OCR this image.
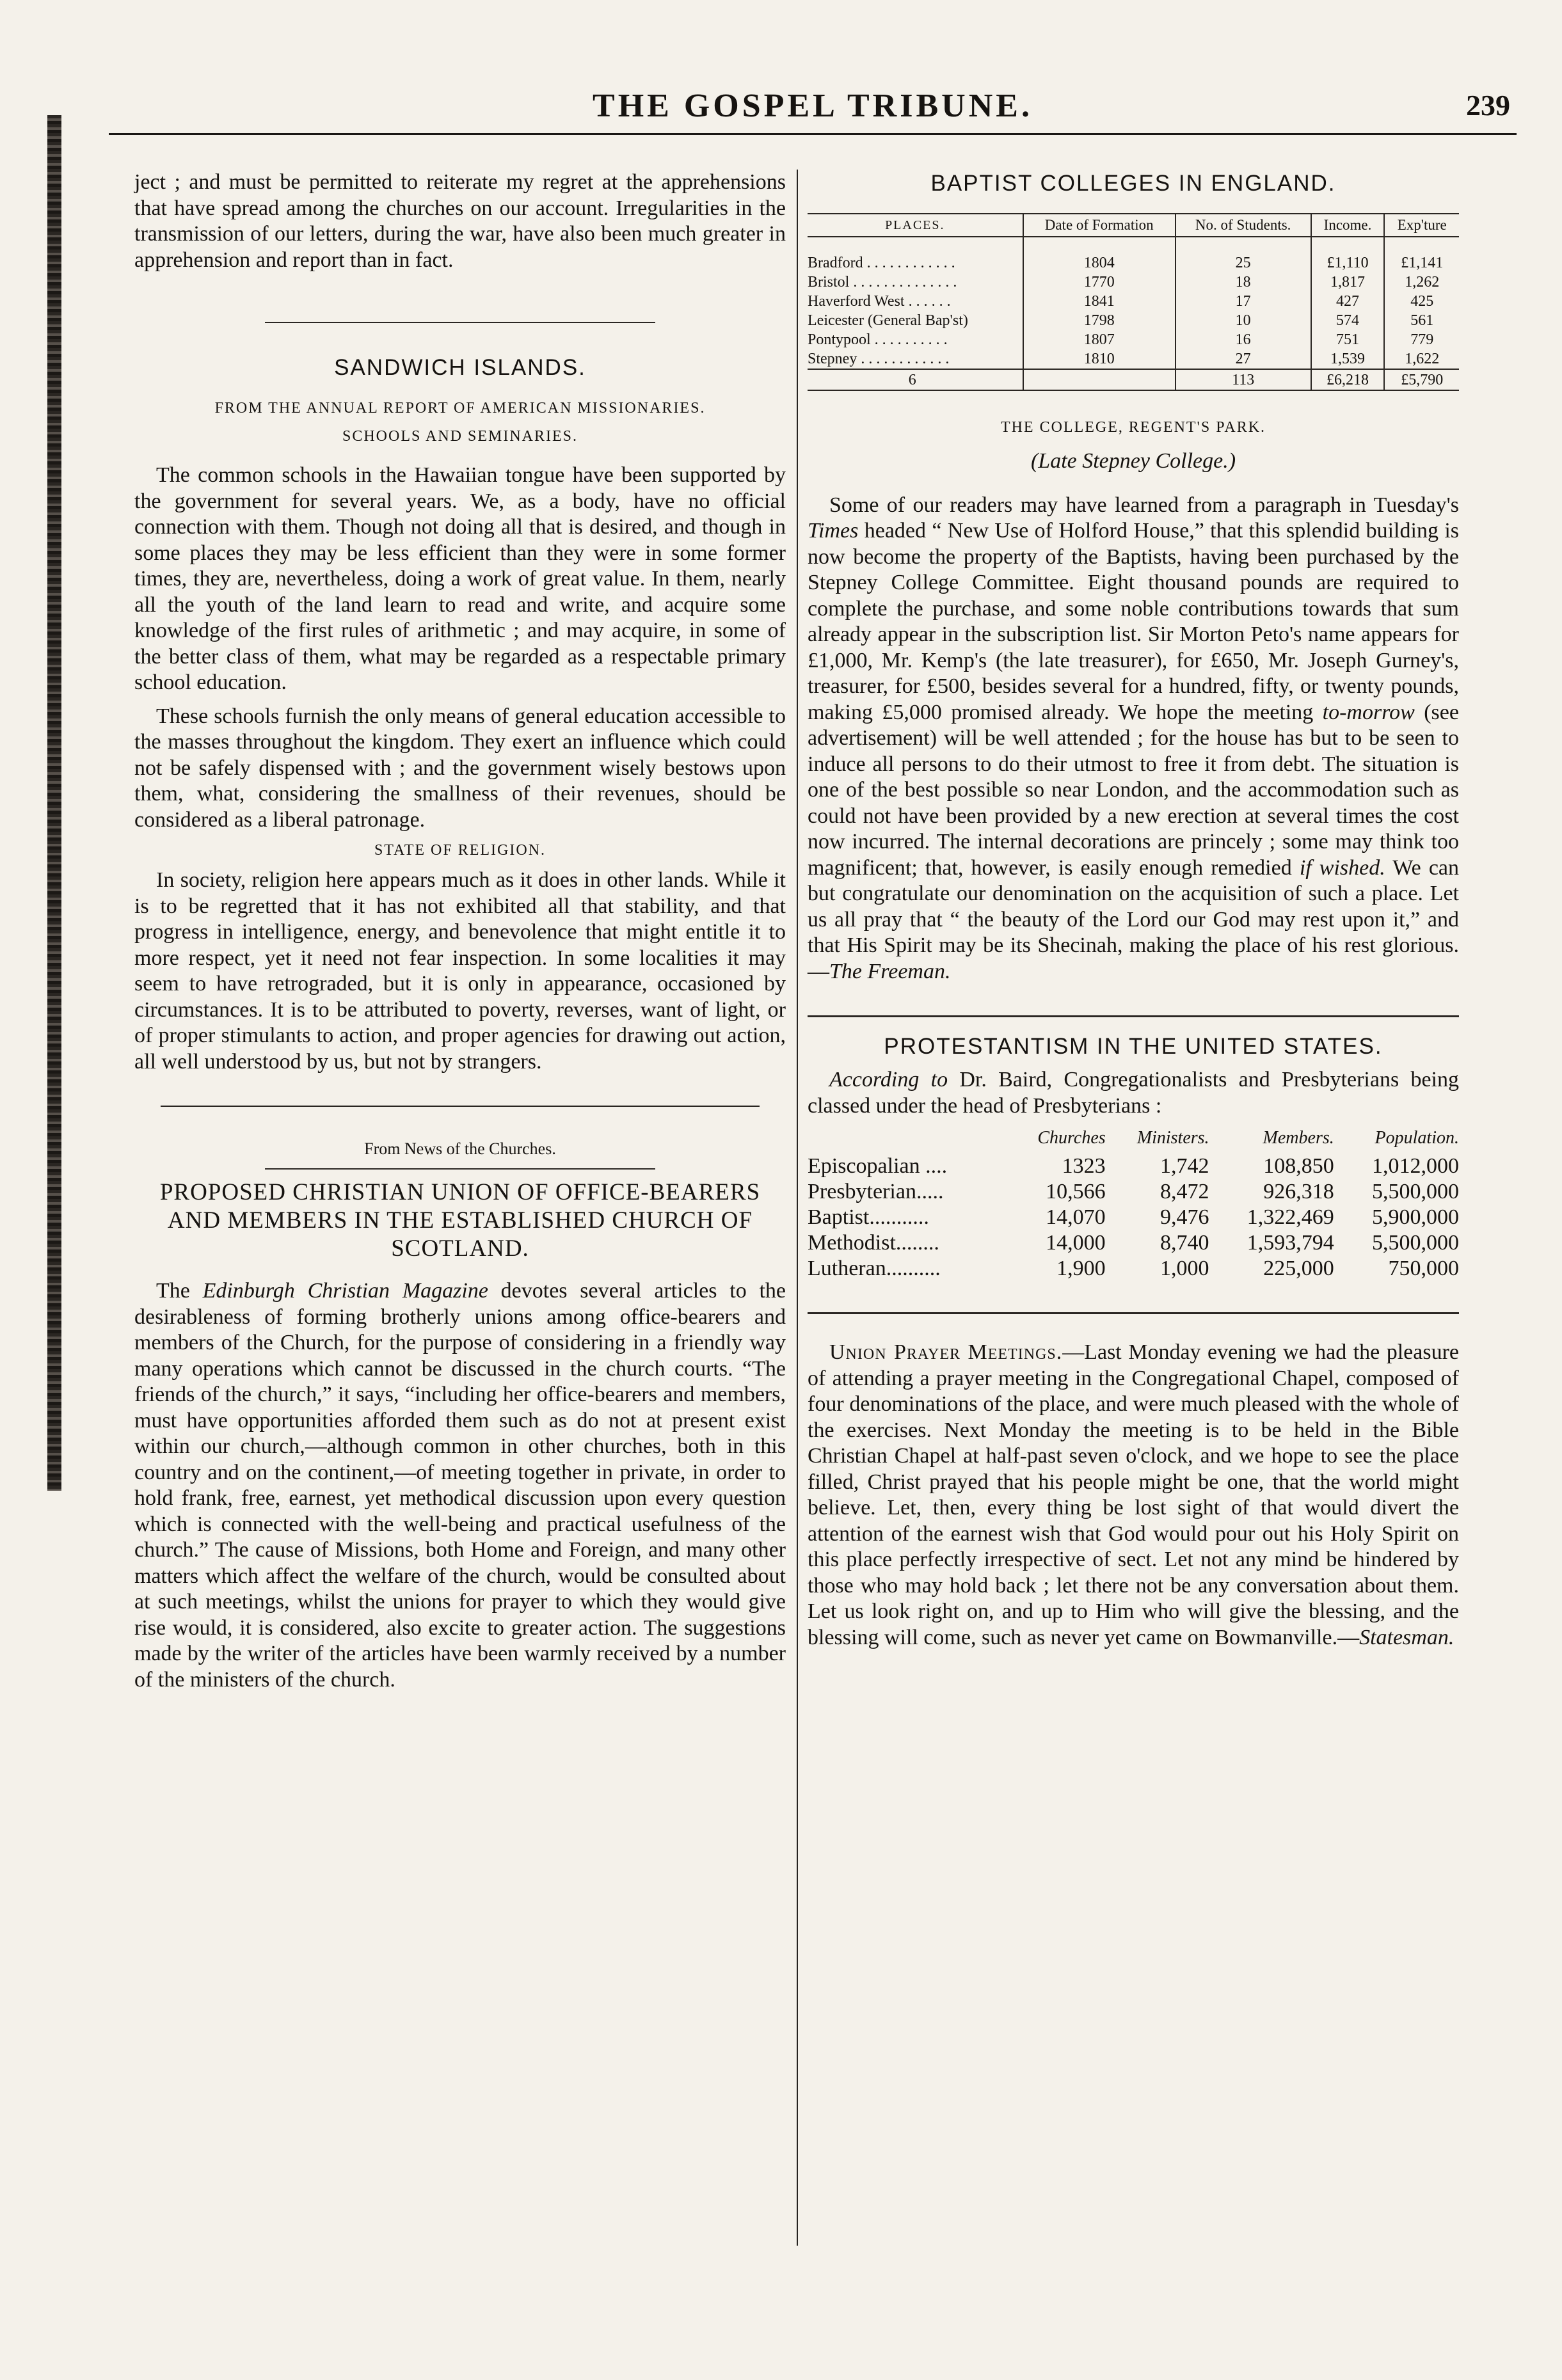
THE GOSPEL TRIBUNE.	239

ject ; and must be permitted to reiterate my regret at the apprehensions that have spread among the churches on our account. Irregularities in the transmission of our letters, during the war, have also been much greater in apprehension and report than in fact.

SANDWICH ISLANDS.
FROM THE ANNUAL REPORT OF AMERICAN MISSIONARIES.
SCHOOLS AND SEMINARIES.

The common schools in the Hawaiian tongue have been supported by the government for several years. We, as a body, have no official connection with them. Though not doing all that is desired, and though in some places they may be less efficient than they were in some former times, they are, nevertheless, doing a work of great value. In them, nearly all the youth of the land learn to read and write, and acquire some knowledge of the first rules of arithmetic ; and may acquire, in some of the better class of them, what may be regarded as a respectable primary school education.

These schools furnish the only means of general education accessible to the masses throughout the kingdom. They exert an influence which could not be safely dispensed with ; and the government wisely bestows upon them, what, considering the smallness of their revenues, should be considered as a liberal patronage.

STATE OF RELIGION.

In society, religion here appears much as it does in other lands. While it is to be regretted that it has not exhibited all that stability, and that progress in intelligence, energy, and benevolence that might entitle it to more respect, yet it need not fear inspection. In some localities it may seem to have retrograded, but it is only in appearance, occasioned by circumstances. It is to be attributed to poverty, reverses, want of light, or of proper stimulants to action, and proper agencies for drawing out action, all well understood by us, but not by strangers.

From News of the Churches.
PROPOSED CHRISTIAN UNION OF OFFICE-BEARERS AND MEMBERS IN THE ESTABLISHED CHURCH OF SCOTLAND.

The Edinburgh Christian Magazine devotes several articles to the desirableness of forming brotherly unions among office-bearers and members of the Church, for the purpose of considering in a friendly way many operations which cannot be discussed in the church courts. “The friends of the church,” it says, “including her office-bearers and members, must have opportunities afforded them such as do not at present exist within our church,—although common in other churches, both in this country and on the continent,—of meeting together in private, in order to hold frank, free, earnest, yet methodical discussion upon every question which is connected with the well-being and practical usefulness of the church.” The cause of Missions, both Home and Foreign, and many other matters which affect the welfare of the church, would be consulted about at such meetings, whilst the unions for prayer to which they would give rise would, it is considered, also excite to greater action. The suggestions made by the writer of the articles have been warmly received by a number of the ministers of the church.

BAPTIST COLLEGES IN ENGLAND.
PLACES.	Date of Formation	No. of Students.	Income.	Exp'ture
Bradford . . . . . . . . . . . .	1804	25	£1,110	£1,141
Bristol . . . . . . . . . . . . . .	1770	18	1,817	1,262
Haverford West . . . . . .	1841	17	427	425
Leicester (General Bap'st)	1798	10	574	561
Pontypool . . . . . . . . . .	1807	16	751	779
Stepney . . . . . . . . . . . .	1810	27	1,539	1,622
6		113	£6,218	£5,790
THE COLLEGE, REGENT'S PARK.

(Late Stepney College.)

Some of our readers may have learned from a paragraph in Tuesday's Times headed “ New Use of Holford House,” that this splendid building is now become the property of the Baptists, having been purchased by the Stepney College Committee. Eight thousand pounds are required to complete the purchase, and some noble contributions towards that sum already appear in the subscription list. Sir Morton Peto's name appears for £1,000, Mr. Kemp's (the late treasurer), for £650, Mr. Joseph Gurney's, treasurer, for £500, besides several for a hundred, fifty, or twenty pounds, making £5,000 promised already. We hope the meeting to-morrow (see advertisement) will be well attended ; for the house has but to be seen to induce all persons to do their utmost to free it from debt. The situation is one of the best possible so near London, and the accommodation such as could not have been provided by a new erection at several times the cost now incurred. The internal decorations are princely ; some may think too magnificent; that, however, is easily enough remedied if wished. We can but congratulate our denomination on the acquisition of such a place. Let us all pray that “ the beauty of the Lord our God may rest upon it,” and that His Spirit may be its Shecinah, making the place of his rest glorious.—The Freeman.

PROTESTANTISM IN THE UNITED STATES.

According to Dr. Baird, Congregationalists and Presbyterians being classed under the head of Presbyterians :

	Churches	Ministers.	Members.	Population.
Episcopalian ....	1323	1,742	108,850	1,012,000
Presbyterian.....	10,566	8,472	926,318	5,500,000
Baptist...........	14,070	9,476	1,322,469	5,900,000
Methodist........	14,000	8,740	1,593,794	5,500,000
Lutheran..........	1,900	1,000	225,000	750,000

Union Prayer Meetings.—Last Monday evening we had the pleasure of attending a prayer meeting in the Congregational Chapel, composed of four denominations of the place, and were much pleased with the whole of the exercises. Next Monday the meeting is to be held in the Bible Christian Chapel at half-past seven o'clock, and we hope to see the place filled, Christ prayed that his people might be one, that the world might believe. Let, then, every thing be lost sight of that would divert the attention of the earnest wish that God would pour out his Holy Spirit on this place perfectly irrespective of sect. Let not any mind be hindered by those who may hold back ; let there not be any conversation about them. Let us look right on, and up to Him who will give the blessing, and the blessing will come, such as never yet came on Bowmanville.—Statesman.
